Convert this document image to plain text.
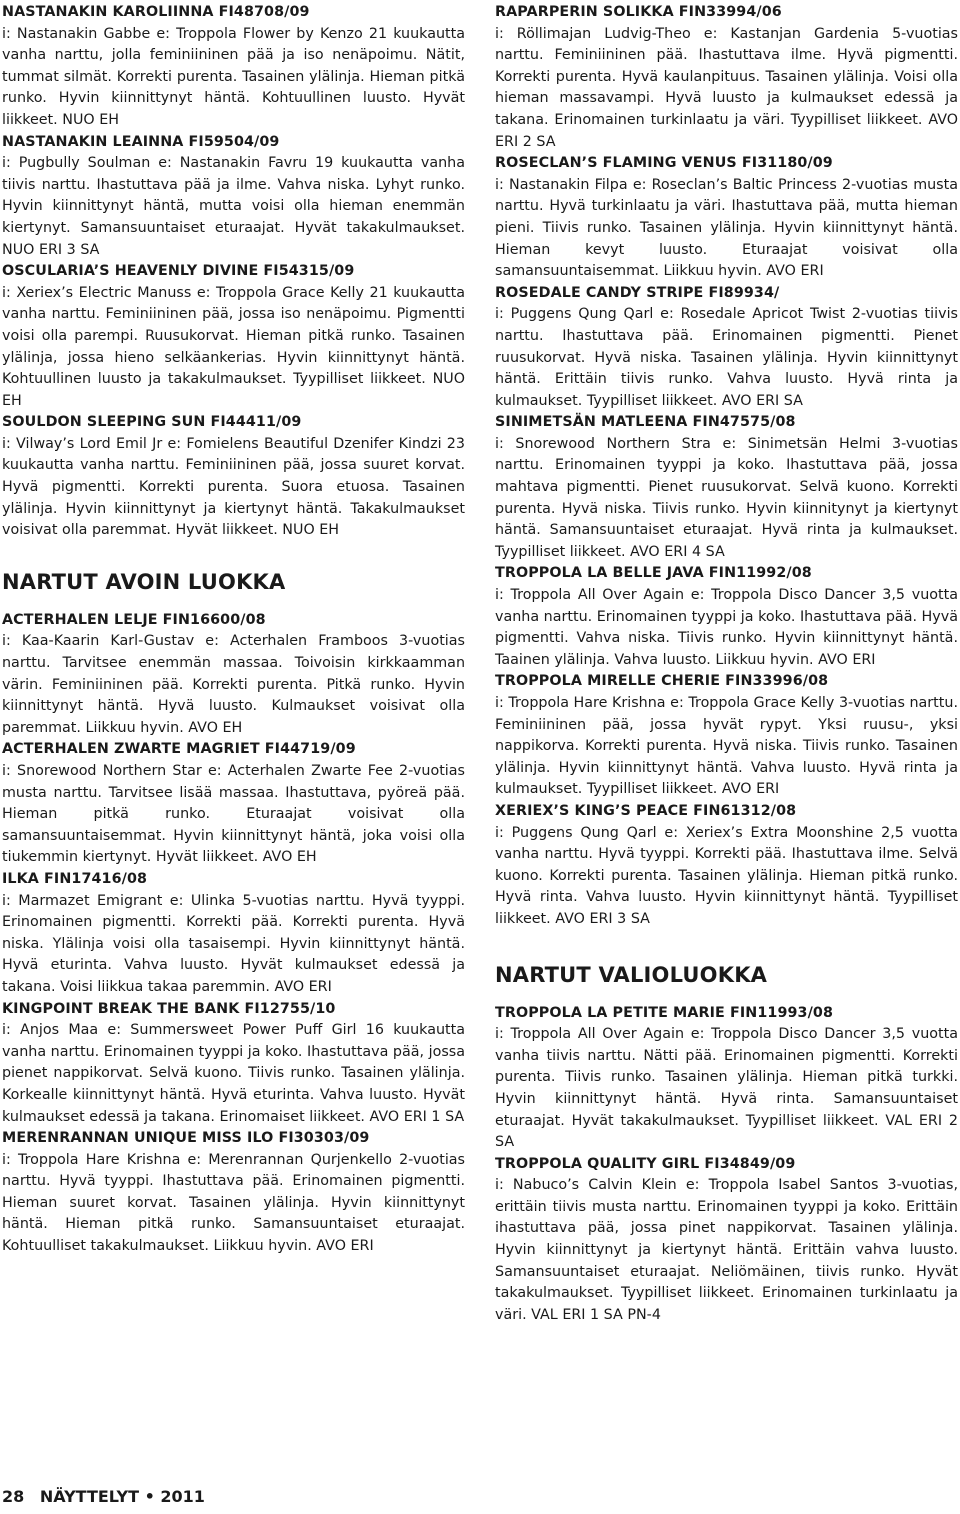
NASTANAKIN KAROLIINNA FI48708/09

i: Nastanakin Gabbe e: Troppola Flower by Kenzo 21 kuukautta vanha narttu, jolla feminiininen pää ja iso nenäpoimu. Nätit, tummat silmät. Korrekti purenta. Tasainen ylälinja. Hieman pitkä runko. Hyvin kiinnittynyt häntä. Kohtuullinen luusto. Hyvät liikkeet. NUO EH

NASTANAKIN LEAINNA FI59504/09

i: Pugbully Soulman e: Nastanakin Favru 19 kuukautta vanha tiivis narttu. Ihastuttava pää ja ilme. Vahva niska. Lyhyt runko. Hyvin kiinnittynyt häntä, mutta voisi olla hieman enemmän kiertynyt. Samansuuntaiset eturaajat. Hyvät takakulmaukset. NUO ERI 3 SA

OSCULARIA’S HEAVENLY DIVINE FI54315/09

i: Xeriex’s Electric Manuss e: Troppola Grace Kelly 21 kuukautta vanha narttu. Feminiininen pää, jossa iso nenäpoimu. Pigmentti voisi olla parempi. Ruusukorvat. Hieman pitkä runko. Tasainen ylälinja, jossa hieno selkäankerias. Hyvin kiinnittynyt häntä. Kohtuullinen luusto ja takakulmaukset. Tyypilliset liikkeet. NUO EH

SOULDON SLEEPING SUN FI44411/09

i: Vilway’s Lord Emil Jr e: Fomielens Beautiful Dzenifer Kindzi 23 kuukautta vanha narttu. Feminiininen pää, jossa suuret korvat. Hyvä pigmentti. Korrekti purenta. Suora etuosa. Tasainen ylälinja. Hyvin kiinnittynyt ja kiertynyt häntä. Takakulmaukset voisivat olla paremmat. Hyvät liikkeet. NUO EH

NARTUT AVOIN LUOKKA
ACTERHALEN LELJE FIN16600/08

i: Kaa-Kaarin Karl-Gustav e: Acterhalen Framboos 3-vuotias narttu. Tarvitsee enemmän massaa. Toivoisin kirkkaamman värin. Feminiininen pää. Korrekti purenta. Pitkä runko. Hyvin kiinnittynyt häntä. Hyvä luusto. Kulmaukset voisivat olla paremmat. Liikkuu hyvin. AVO EH

ACTERHALEN ZWARTE MAGRIET FI44719/09

i: Snorewood Northern Star e: Acterhalen Zwarte Fee 2-vuotias musta narttu. Tarvitsee lisää massaa. Ihastuttava, pyöreä pää. Hieman pitkä runko. Eturaajat voisivat olla samansuuntaisemmat. Hyvin kiinnittynyt häntä, joka voisi olla tiukemmin kiertynyt. Hyvät liikkeet. AVO EH

ILKA FIN17416/08

i: Marmazet Emigrant e: Ulinka 5-vuotias narttu. Hyvä tyyppi. Erinomainen pigmentti. Korrekti pää. Korrekti purenta. Hyvä niska. Ylälinja voisi olla tasaisempi. Hyvin kiinnittynyt häntä. Hyvä eturinta. Vahva luusto. Hyvät kulmaukset edessä ja takana. Voisi liikkua takaa paremmin. AVO ERI

KINGPOINT BREAK THE BANK FI12755/10

i: Anjos Maa e: Summersweet Power Puff Girl 16 kuukautta vanha narttu. Erinomainen tyyppi ja koko. Ihastuttava pää, jossa pienet nappikorvat. Selvä kuono. Tiivis runko. Tasainen ylälinja. Korkealle kiinnittynyt häntä. Hyvä eturinta. Vahva luusto. Hyvät kulmaukset edessä ja takana. Erinomaiset liikkeet. AVO ERI 1 SA

MERENRANNAN UNIQUE MISS ILO FI30303/09

i: Troppola Hare Krishna e: Merenrannan Qurjenkello 2-vuotias narttu. Hyvä tyyppi. Ihastuttava pää. Erinomainen pigmentti. Hieman suuret korvat. Tasainen ylälinja. Hyvin kiinnittynyt häntä. Hieman pitkä runko. Samansuuntaiset eturaajat. Kohtuulliset takakulmaukset. Liikkuu hyvin. AVO ERI

RAPARPERIN SOLIKKA FIN33994/06

i: Röllimajan Ludvig-Theo e: Kastanjan Gardenia 5-vuotias narttu. Feminiininen pää. Ihastuttava ilme. Hyvä pigmentti. Korrekti purenta. Hyvä kaulanpituus. Tasainen ylälinja. Voisi olla hieman massavampi. Hyvä luusto ja kulmaukset edessä ja takana. Erinomainen turkinlaatu ja väri. Tyypilliset liikkeet. AVO ERI 2 SA

ROSECLAN’S FLAMING VENUS FI31180/09

i: Nastanakin Filpa e: Roseclan’s Baltic Princess 2-vuotias musta narttu. Hyvä turkinlaatu ja väri. Ihastuttava pää, mutta hieman pieni. Tiivis runko. Tasainen ylälinja. Hyvin kiinnittynyt häntä. Hieman kevyt luusto. Eturaajat voisivat olla samansuuntaisemmat. Liikkuu hyvin. AVO ERI

ROSEDALE CANDY STRIPE FI89934/

i: Puggens Qung Qarl e: Rosedale Apricot Twist 2-vuotias tiivis narttu. Ihastuttava pää. Erinomainen pigmentti. Pienet ruusukorvat. Hyvä niska. Tasainen ylälinja. Hyvin kiinnittynyt häntä. Erittäin tiivis runko. Vahva luusto. Hyvä rinta ja kulmaukset. Tyypilliset liikkeet. AVO ERI SA

SINIMETSÄN MATLEENA FIN47575/08

i: Snorewood Northern Stra e: Sinimetsän Helmi 3-vuotias narttu. Erinomainen tyyppi ja koko. Ihastuttava pää, jossa mahtava pigmentti. Pienet ruusukorvat. Selvä kuono. Korrekti purenta. Hyvä niska. Tiivis runko. Hyvin kiinnitynyt ja kiertynyt häntä. Samansuuntaiset eturaajat. Hyvä rinta ja kulmaukset. Tyypilliset liikkeet. AVO ERI 4 SA

TROPPOLA LA BELLE JAVA FIN11992/08

i: Troppola All Over Again e: Troppola Disco Dancer 3,5 vuotta vanha narttu. Erinomainen tyyppi ja koko. Ihastuttava pää. Hyvä pigmentti. Vahva niska. Tiivis runko. Hyvin kiinnittynyt häntä. Taainen ylälinja. Vahva luusto. Liikkuu hyvin. AVO ERI

TROPPOLA MIRELLE CHERIE FIN33996/08

i: Troppola Hare Krishna e: Troppola Grace Kelly 3-vuotias narttu. Feminiininen pää, jossa hyvät rypyt. Yksi ruusu-, yksi nappikorva. Korrekti purenta. Hyvä niska. Tiivis runko. Tasainen ylälinja. Hyvin kiinnittynyt häntä. Vahva luusto. Hyvä rinta ja kulmaukset. Tyypilliset liikkeet. AVO ERI

XERIEX’S KING’S PEACE FIN61312/08

i: Puggens Qung Qarl e: Xeriex’s Extra Moonshine 2,5 vuotta vanha narttu. Hyvä tyyppi. Korrekti pää. Ihastuttava ilme. Selvä kuono. Korrekti purenta. Tasainen ylälinja. Hieman pitkä runko. Hyvä rinta. Vahva luusto. Hyvin kiinnittynyt häntä. Tyypilliset liikkeet. AVO ERI 3 SA

NARTUT VALIOLUOKKA
TROPPOLA LA PETITE MARIE FIN11993/08

i: Troppola All Over Again e: Troppola Disco Dancer 3,5 vuotta vanha tiivis narttu. Nätti pää. Erinomainen pigmentti. Korrekti purenta. Tiivis runko. Tasainen ylälinja. Hieman pitkä turkki. Hyvin kiinnittynyt häntä. Hyvä rinta. Samansuuntaiset eturaajat. Hyvät takakulmaukset. Tyypilliset liikkeet. VAL ERI 2 SA

TROPPOLA QUALITY GIRL FI34849/09

i: Nabuco’s Calvin Klein e: Troppola Isabel Santos 3-vuotias, erittäin tiivis musta narttu. Erinomainen tyyppi ja koko. Erittäin ihastuttava pää, jossa pinet nappikorvat. Tasainen ylälinja. Hyvin kiinnittynyt ja kiertynyt häntä. Erittäin vahva luusto. Samansuuntaiset eturaajat. Neliömäinen, tiivis runko. Hyvät takakulmaukset. Tyypilliset liikkeet. Erinomainen turkinlaatu ja väri. VAL ERI 1 SA PN-4

28 NÄYTTELYT • 2011
